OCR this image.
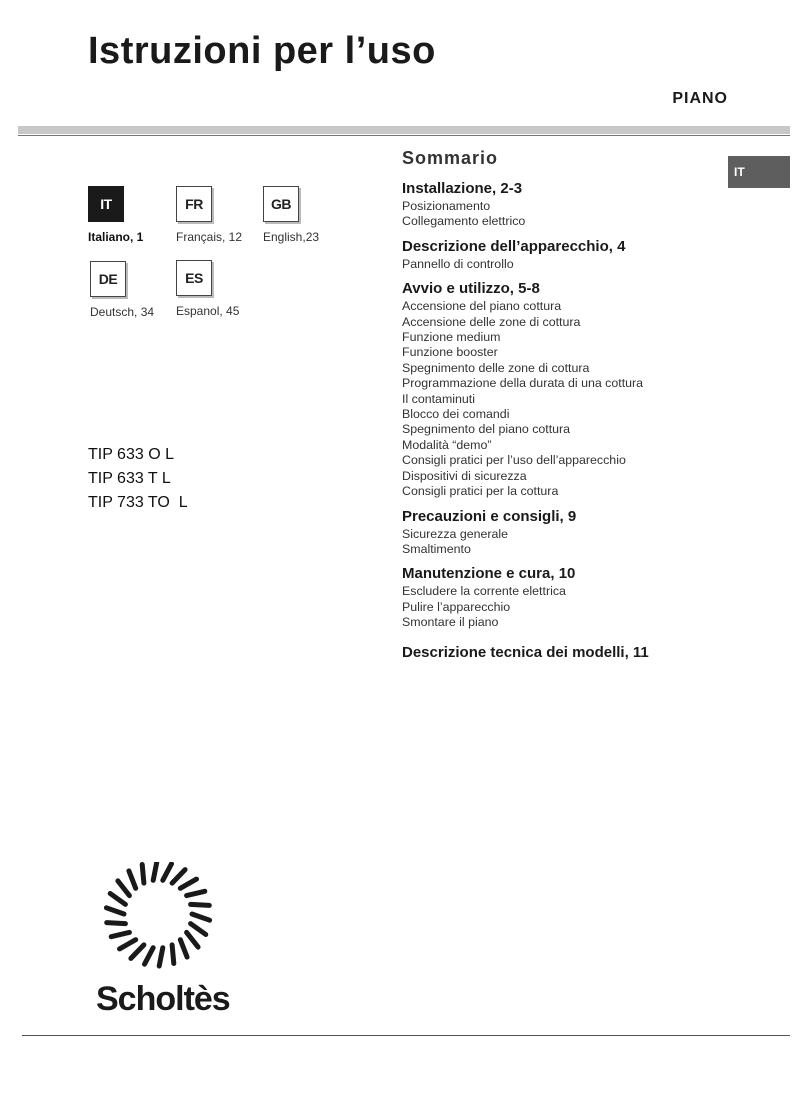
Istruzioni per l’uso
PIANO
IT
IT
Italiano, 1
FR
Français, 12
GB
English,23
DE
Deutsch, 34
ES
Espanol, 45
TIP 633 O L
TIP 633 T L
TIP 733 TO  L
Sommario
Installazione, 2-3
Posizionamento
Collegamento elettrico
Descrizione dell’apparecchio, 4
Pannello di controllo
Avvio e utilizzo, 5-8
Accensione del piano cottura
Accensione delle zone di cottura
Funzione medium
Funzione booster
Spegnimento delle zone di cottura
Programmazione della durata di una cottura
Il contaminuti
Blocco dei comandi
Spegnimento del piano cottura
Modalità “demo”
Consigli pratici per l’uso dell’apparecchio
Dispositivi di sicurezza
Consigli pratici per la cottura
Precauzioni e consigli, 9
Sicurezza generale
Smaltimento
Manutenzione e cura, 10
Escludere la corrente elettrica
Pulire l’apparecchio
Smontare il piano
Descrizione tecnica dei modelli, 11
Scholtès
